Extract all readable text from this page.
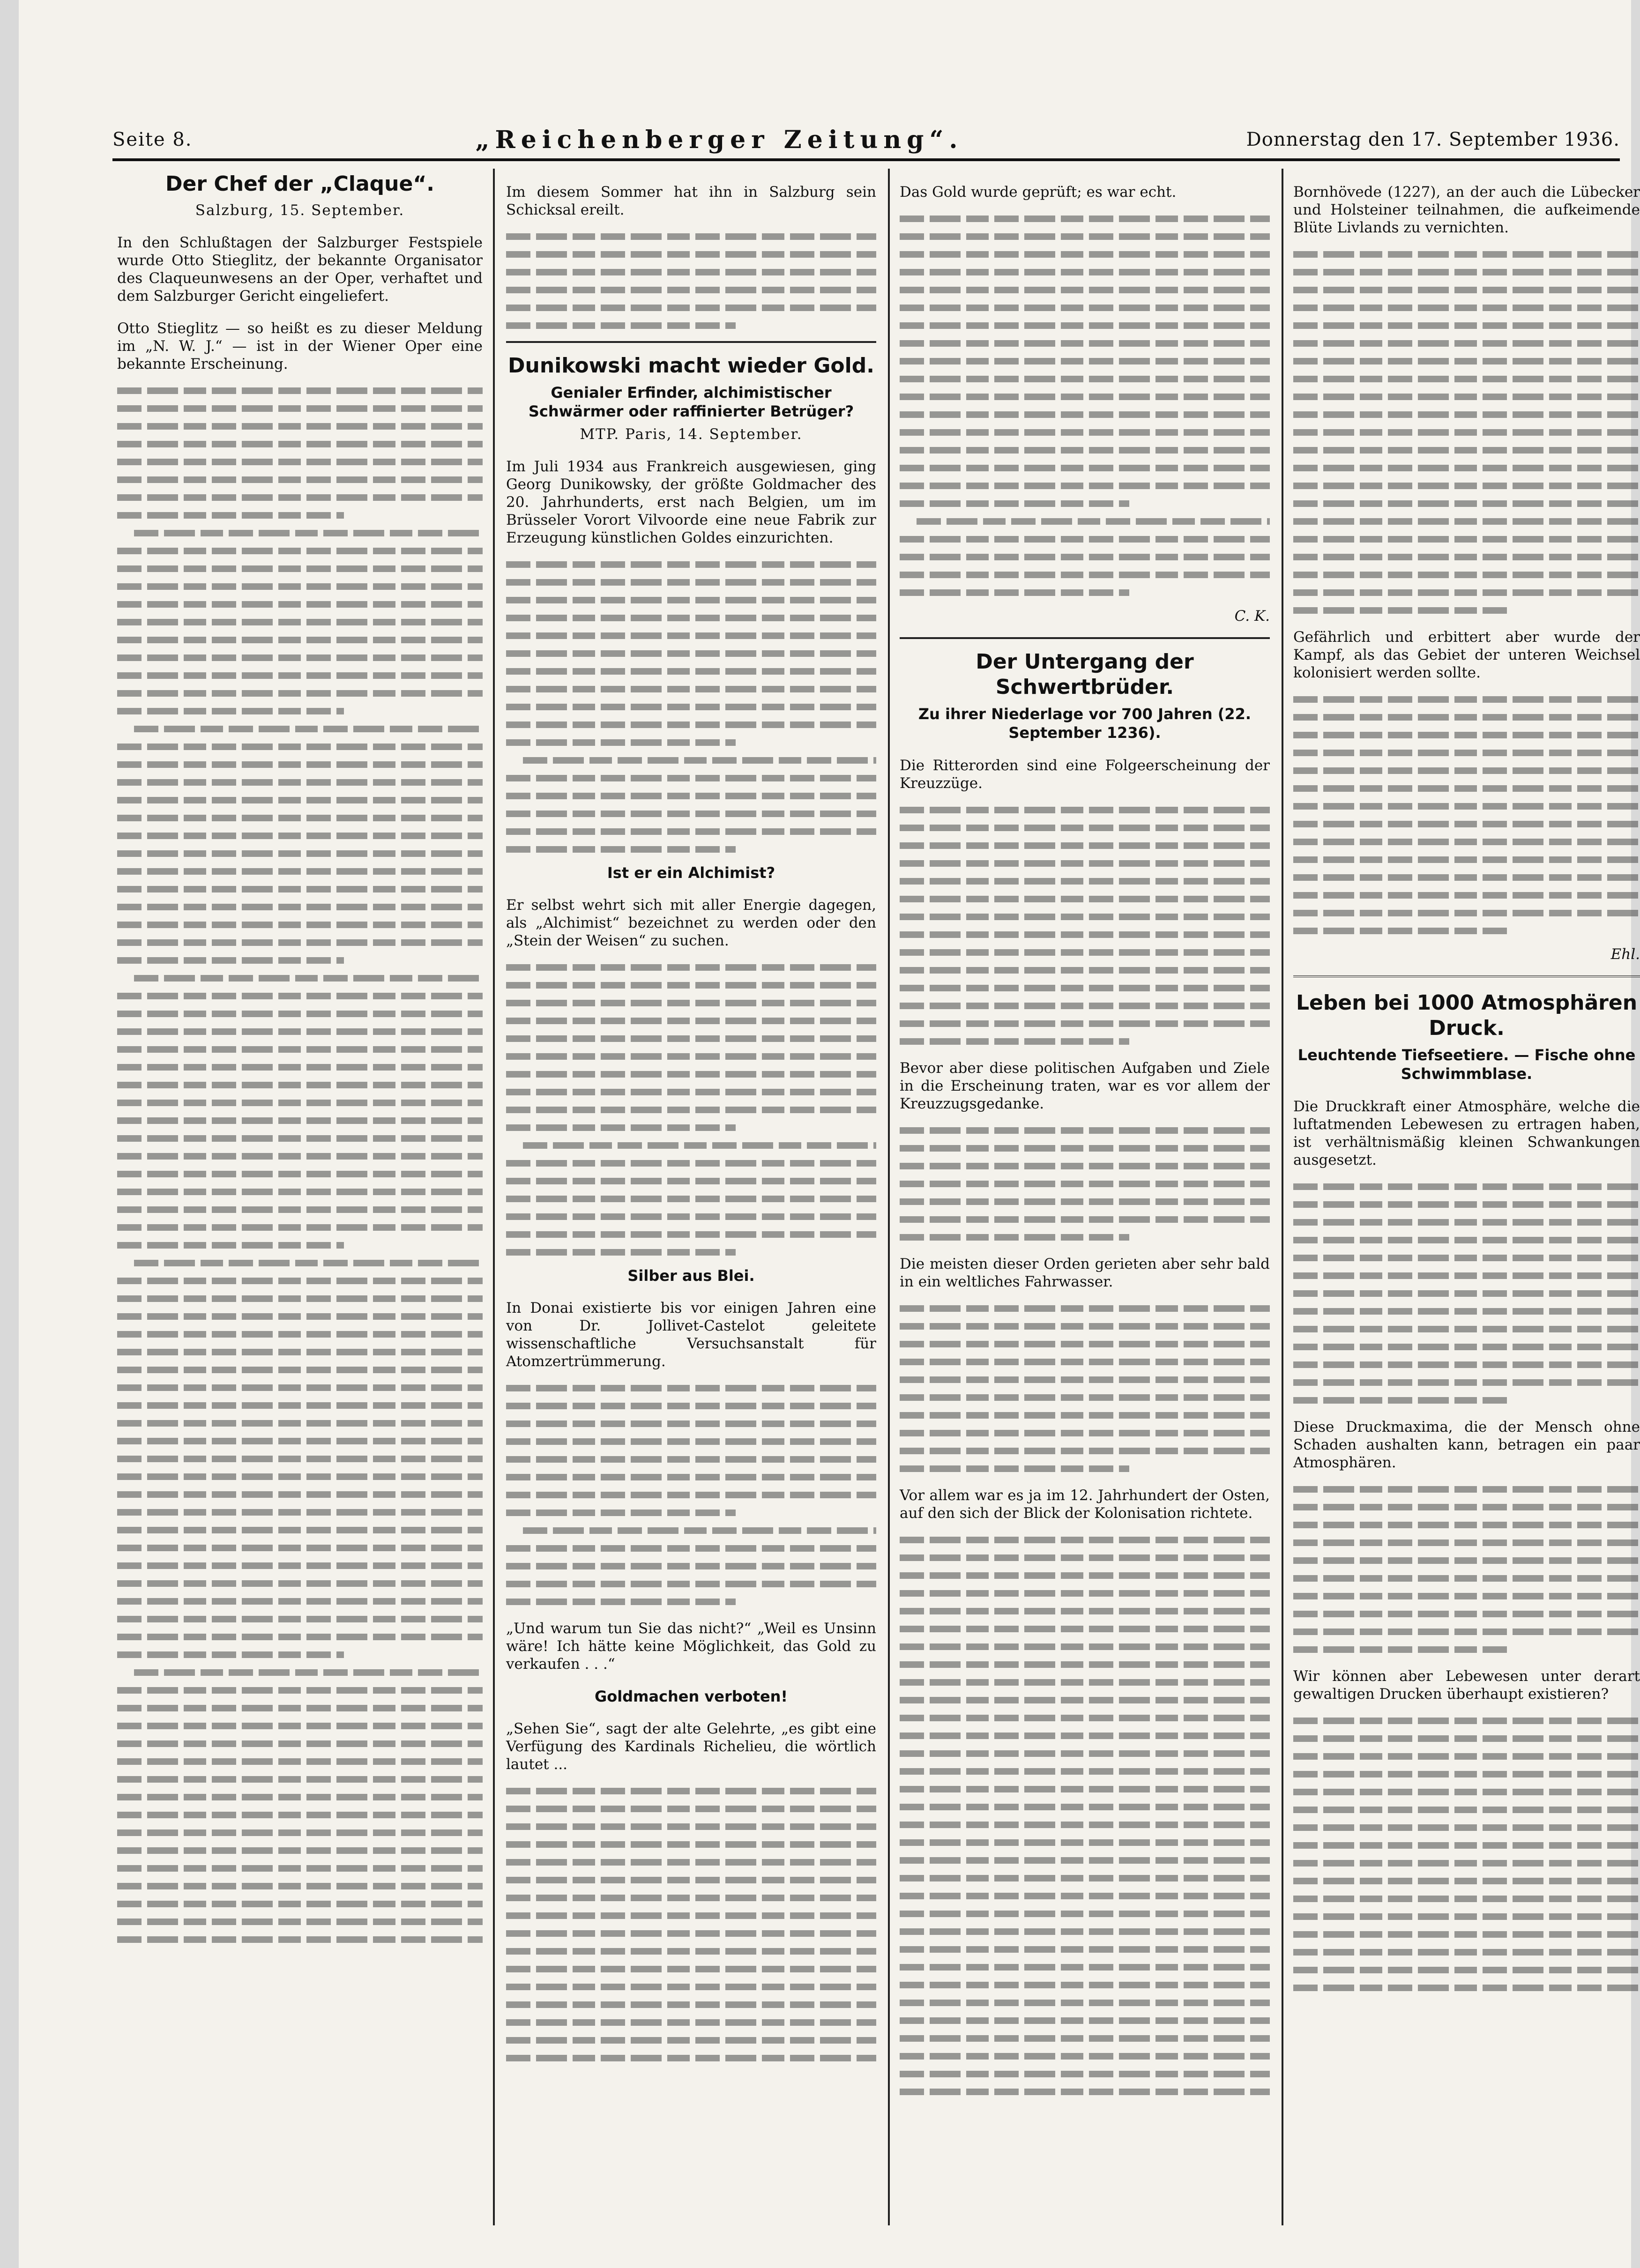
Seite 8.	„Reichenberger Zeitung“.	Donnerstag den 17. September 1936.
Der Chef der „Claque“.
Salzburg, 15. September.

In den Schlußtagen der Salzburger Festspiele wurde Otto Stieglitz, der bekannte Organisator des Claqueunwesens an der Oper, verhaftet und dem Salzburger Gericht eingeliefert.

Otto Stieglitz — so heißt es zu dieser Meldung im „N. W. J.“ — ist in der Wiener Oper eine bekannte Erscheinung.

Im diesem Sommer hat ihn in Salzburg sein Schicksal ereilt.

Dunikowski macht wieder Gold.
Genialer Erfinder, alchimistischer Schwärmer oder raffinierter Betrüger?
MTP. Paris, 14. September.

Im Juli 1934 aus Frankreich ausgewiesen, ging Georg Dunikowsky, der größte Goldmacher des 20. Jahrhunderts, erst nach Belgien, um im Brüsseler Vorort Vilvoorde eine neue Fabrik zur Erzeugung künstlichen Goldes einzurichten.

Ist er ein Alchimist?

Er selbst wehrt sich mit aller Energie dagegen, als „Alchimist“ bezeichnet zu werden oder den „Stein der Weisen“ zu suchen.

Silber aus Blei.

In Donai existierte bis vor einigen Jahren eine von Dr. Jollivet-Castelot geleitete wissenschaftliche Versuchsanstalt für Atomzertrümmerung.

„Und warum tun Sie das nicht?“ „Weil es Unsinn wäre! Ich hätte keine Möglichkeit, das Gold zu verkaufen . . .“

Goldmachen verboten!

„Sehen Sie“, sagt der alte Gelehrte, „es gibt eine Verfügung des Kardinals Richelieu, die wörtlich lautet ...

Das Gold wurde geprüft; es war echt.

C. K.
Der Untergang der Schwertbrüder.
Zu ihrer Niederlage vor 700 Jahren (22. September 1236).

Die Ritterorden sind eine Folgeerscheinung der Kreuzzüge.

Bevor aber diese politischen Aufgaben und Ziele in die Erscheinung traten, war es vor allem der Kreuzzugsgedanke.

Die meisten dieser Orden gerieten aber sehr bald in ein weltliches Fahrwasser.

Vor allem war es ja im 12. Jahrhundert der Osten, auf den sich der Blick der Kolonisation richtete.

Bornhövede (1227), an der auch die Lübecker und Holsteiner teilnahmen, die aufkeimende Blüte Livlands zu vernichten.

Gefährlich und erbittert aber wurde der Kampf, als das Gebiet der unteren Weichsel kolonisiert werden sollte.

Ehl.
Leben bei 1000 Atmosphären Druck.
Leuchtende Tiefseetiere. — Fische ohne Schwimmblase.

Die Druckkraft einer Atmosphäre, welche die luftatmenden Lebewesen zu ertragen haben, ist verhältnismäßig kleinen Schwankungen ausgesetzt.

Diese Druckmaxima, die der Mensch ohne Schaden aushalten kann, betragen ein paar Atmosphären.

Wir können aber Lebewesen unter derart gewaltigen Drucken überhaupt existieren?
